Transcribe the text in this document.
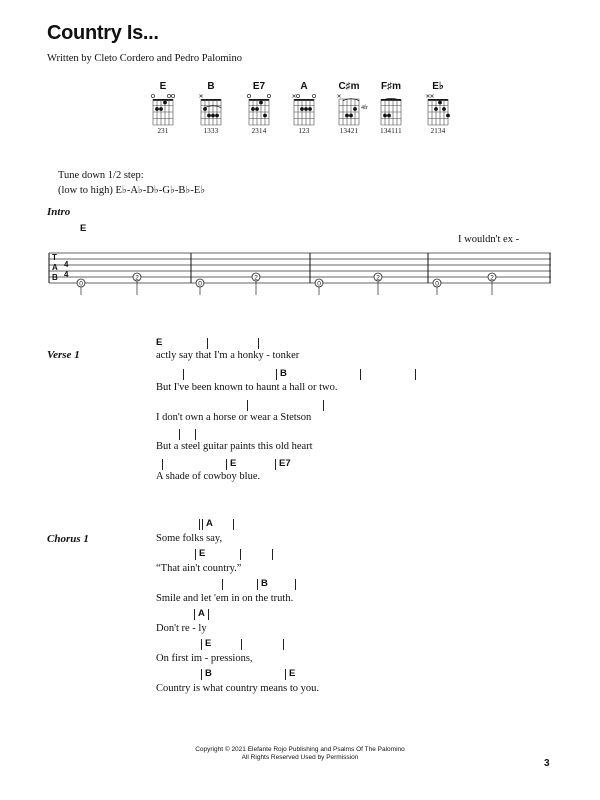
Country Is...
Written by Cleto Cordero and Pedro Palomino
E
231
B
1333
E7
2314
A
123
C♯m
13421
4fr
F♯m
134111
E♭
2134
Tune down 1/2 step:
(low to high) E♭-A♭-D♭-G♭-B♭-E♭
Intro
E
I wouldn't ex -
T
A
B
4
4
0
2
0
2
0
2
0
2
Verse 1
E
actly say that I'm a honky - tonker
B
But I've been known to haunt a hall or two.
I don't own a horse or wear a Stetson
But a steel guitar paints this old heart
E	E7
A shade of cowboy blue.
Chorus 1
A
Some folks say,
E
“That ain't country.”
B
Smile and let 'em in on the truth.
A
Don't re - ly
E
On first im - pressions,
B	E
Country is what country means to you.
Copyright © 2021 Elefante Rojo Publishing and Psalms Of The Palomino
All Rights Reserved Used by Permission
3
